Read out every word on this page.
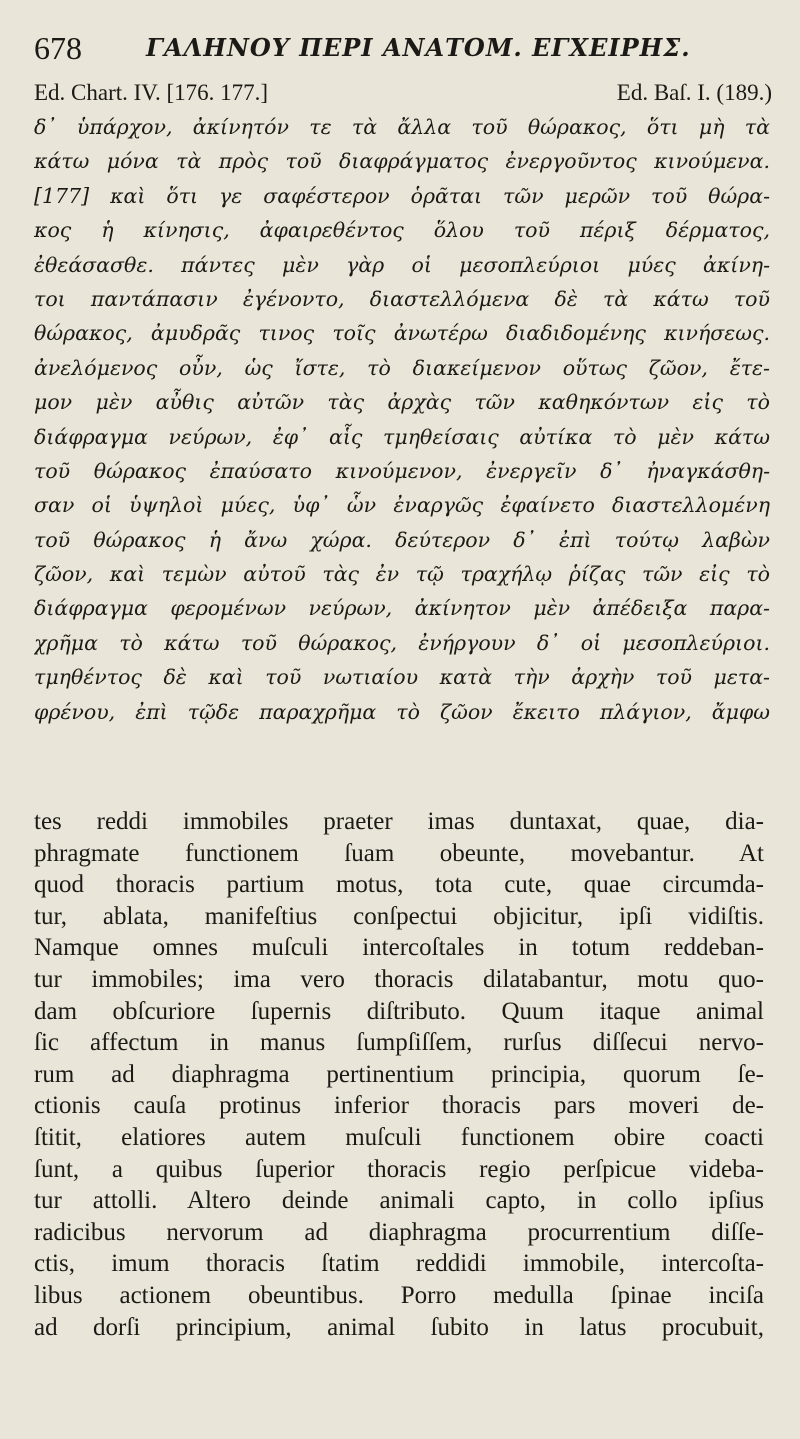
678	ΓΑΛΗΝΟΥ ΠΕΡΙ ΑΝΑΤΟΜ. ΕΓΧΕΙΡΗΣ.
Ed. Chart. IV. [176. 177.]	Ed. Baſ. I. (189.)
δ᾽ ὑπάρχον, ἀκίνητόν τε τὰ ἄλλα τοῦ θώρακος, ὅτι μὴ τὰ
κάτω μόνα τὰ πρὸς τοῦ διαφράγματος ἐνεργοῦντος κινούμενα.
[177] καὶ ὅτι γε σαφέστερον ὁρᾶται τῶν μερῶν τοῦ θώρα-
κος ἡ κίνησις, ἀφαιρεθέντος ὅλου τοῦ πέριξ δέρματος,
ἐθεάσασθε. πάντες μὲν γὰρ οἱ μεσοπλεύριοι μύες ἀκίνη-
τοι παντάπασιν ἐγένοντο, διαστελλόμενα δὲ τὰ κάτω τοῦ
θώρακος, ἀμυδρᾶς τινος τοῖς ἀνωτέρω διαδιδομένης κινήσεως.
ἀνελόμενος οὖν, ὡς ἴστε, τὸ διακείμενον οὕτως ζῶον, ἔτε-
μον μὲν αὖθις αὐτῶν τὰς ἀρχὰς τῶν καθηκόντων εἰς τὸ
διάφραγμα νεύρων, ἐφ᾽ αἷς τμηθείσαις αὐτίκα τὸ μὲν κάτω
τοῦ θώρακος ἐπαύσατο κινούμενον, ἐνεργεῖν δ᾽ ἠναγκάσθη-
σαν οἱ ὑψηλοὶ μύες, ὑφ᾽ ὧν ἐναργῶς ἐφαίνετο διαστελλομένη
τοῦ θώρακος ἡ ἄνω χώρα. δεύτερον δ᾽ ἐπὶ τούτῳ λαβὼν
ζῶον, καὶ τεμὼν αὐτοῦ τὰς ἐν τῷ τραχήλῳ ῥίζας τῶν εἰς τὸ
διάφραγμα φερομένων νεύρων, ἀκίνητον μὲν ἀπέδειξα παρα-
χρῆμα τὸ κάτω τοῦ θώρακος, ἐνήργουν δ᾽ οἱ μεσοπλεύριοι.
τμηθέντος δὲ καὶ τοῦ νωτιαίου κατὰ τὴν ἀρχὴν τοῦ μετα-
φρένου, ἐπὶ τῷδε παραχρῆμα τὸ ζῶον ἔκειτο πλάγιον, ἄμφω
tes reddi immobiles praeter imas duntaxat, quae, dia-
phragmate functionem ſuam obeunte, movebantur. At
quod thoracis partium motus, tota cute, quae circumda-
tur, ablata, manifeſtius conſpectui objicitur, ipſi vidiſtis.
Namque omnes muſculi intercoſtales in totum reddeban-
tur immobiles; ima vero thoracis dilatabantur, motu quo-
dam obſcuriore ſupernis diſtributo. Quum itaque animal
ſic affectum in manus ſumpſiſſem, rurſus diſſecui nervo-
rum ad diaphragma pertinentium principia, quorum ſe-
ctionis cauſa protinus inferior thoracis pars moveri de-
ſtitit, elatiores autem muſculi functionem obire coacti
ſunt, a quibus ſuperior thoracis regio perſpicue videba-
tur attolli. Altero deinde animali capto, in collo ipſius
radicibus nervorum ad diaphragma procurrentium diſſe-
ctis, imum thoracis ſtatim reddidi immobile, intercoſta-
libus actionem obeuntibus. Porro medulla ſpinae inciſa
ad dorſi principium, animal ſubito in latus procubuit,
